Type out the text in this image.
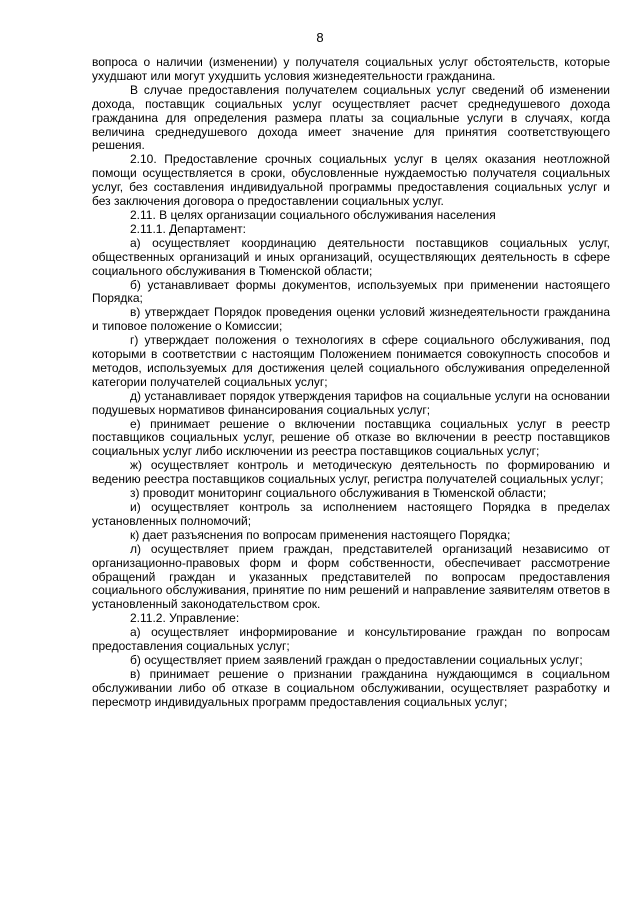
8

вопроса о наличии (изменении) у получателя социальных услуг обстоятельств, которые ухудшают или могут ухудшить условия жизнедеятельности гражданина.

В случае предоставления получателем социальных услуг сведений об изменении дохода, поставщик социальных услуг осуществляет расчет среднедушевого дохода гражданина для определения размера платы за социальные услуги в случаях, когда величина среднедушевого дохода имеет значение для принятия соответствующего решения.

2.10. Предоставление срочных социальных услуг в целях оказания неотложной помощи осуществляется в сроки, обусловленные нуждаемостью получателя социальных услуг, без составления индивидуальной программы предоставления социальных услуг и без заключения договора о предоставлении социальных услуг.

2.11. В целях организации социального обслуживания населения

2.11.1. Департамент:

а) осуществляет координацию деятельности поставщиков социальных услуг, общественных организаций и иных организаций, осуществляющих деятельность в сфере социального обслуживания в Тюменской области;

б) устанавливает формы документов, используемых при применении настоящего Порядка;

в) утверждает Порядок проведения оценки условий жизнедеятельности гражданина и типовое положение о Комиссии;

г) утверждает положения о технологиях в сфере социального обслуживания, под которыми в соответствии с настоящим Положением понимается совокупность способов и методов, используемых для достижения целей социального обслуживания определенной категории получателей социальных услуг;

д) устанавливает порядок утверждения тарифов на социальные услуги на основании подушевых нормативов финансирования социальных услуг;

е) принимает решение о включении поставщика социальных услуг в реестр поставщиков социальных услуг, решение об отказе во включении в реестр поставщиков социальных услуг либо исключении из реестра поставщиков социальных услуг;

ж) осуществляет контроль и методическую деятельность по формированию и ведению реестра поставщиков социальных услуг, регистра получателей социальных услуг;

з) проводит мониторинг социального обслуживания в Тюменской области;

и) осуществляет контроль за исполнением настоящего Порядка в пределах установленных полномочий;

к) дает разъяснения по вопросам применения настоящего Порядка;

л) осуществляет прием граждан, представителей организаций независимо от организационно-правовых форм и форм собственности, обеспечивает рассмотрение обращений граждан и указанных представителей по вопросам предоставления социального обслуживания, принятие по ним решений и направление заявителям ответов в установленный законодательством срок.

2.11.2. Управление:

а) осуществляет информирование и консультирование граждан по вопросам предоставления социальных услуг;

б) осуществляет прием заявлений граждан о предоставлении социальных услуг;

в) принимает решение о признании гражданина нуждающимся в социальном обслуживании либо об отказе в социальном обслуживании, осуществляет разработку и пересмотр индивидуальных программ предоставления социальных услуг;
